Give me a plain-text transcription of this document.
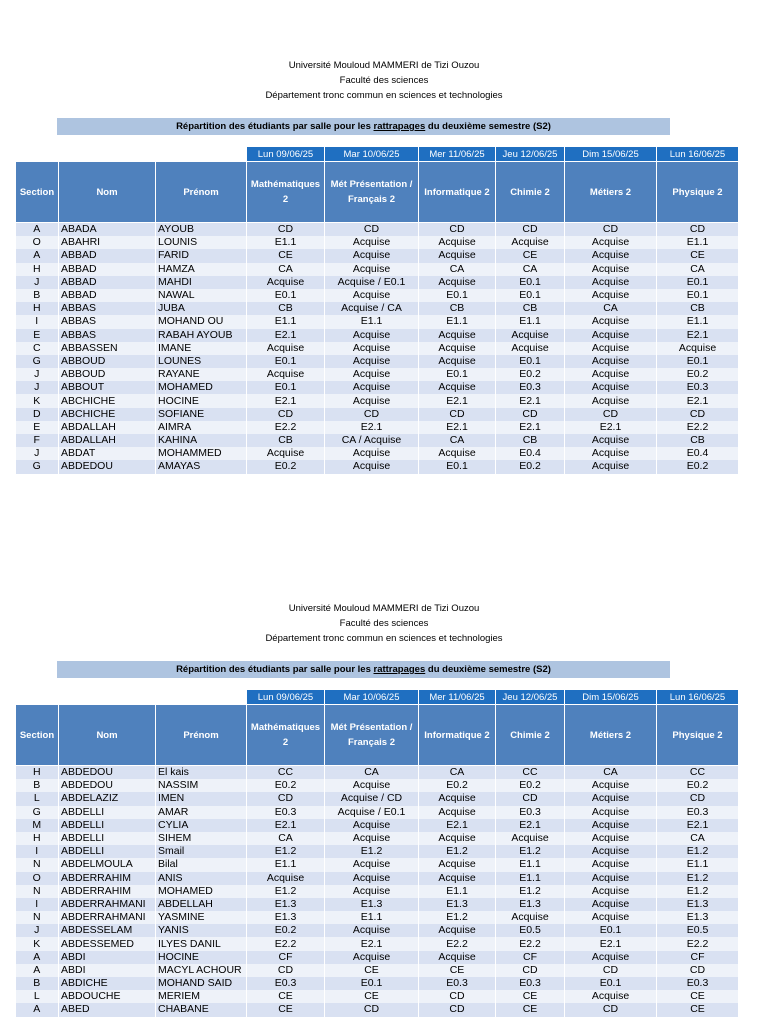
Université Mouloud MAMMERI de Tizi Ouzou
Faculté des sciences
Département tronc commun en sciences et technologies
Répartition des étudiants par salle pour les rattrapages du deuxième semestre (S2)
			Lun 09/06/25	Mar 10/06/25	Mer 11/06/25	Jeu 12/06/25	Dim 15/06/25	Lun 16/06/25
Section	Nom	Prénom	Mathématiques 2	Mét Présentation / Français 2	Informatique 2	Chimie 2	Métiers 2	Physique 2
A	ABADA	AYOUB	CD	CD	CD	CD	CD	CD
O	ABAHRI	LOUNIS	E1.1	Acquise	Acquise	Acquise	Acquise	E1.1
A	ABBAD	FARID	CE	Acquise	Acquise	CE	Acquise	CE
H	ABBAD	HAMZA	CA	Acquise	CA	CA	Acquise	CA
J	ABBAD	MAHDI	Acquise	Acquise / E0.1	Acquise	E0.1	Acquise	E0.1
B	ABBAD	NAWAL	E0.1	Acquise	E0.1	E0.1	Acquise	E0.1
H	ABBAS	JUBA	CB	Acquise / CA	CB	CB	CA	CB
I	ABBAS	MOHAND OU	E1.1	E1.1	E1.1	E1.1	Acquise	E1.1
E	ABBAS	RABAH AYOUB	E2.1	Acquise	Acquise	Acquise	Acquise	E2.1
C	ABBASSEN	IMANE	Acquise	Acquise	Acquise	Acquise	Acquise	Acquise
G	ABBOUD	LOUNES	E0.1	Acquise	Acquise	E0.1	Acquise	E0.1
J	ABBOUD	RAYANE	Acquise	Acquise	E0.1	E0.2	Acquise	E0.2
J	ABBOUT	MOHAMED	E0.1	Acquise	Acquise	E0.3	Acquise	E0.3
K	ABCHICHE	HOCINE	E2.1	Acquise	E2.1	E2.1	Acquise	E2.1
D	ABCHICHE	SOFIANE	CD	CD	CD	CD	CD	CD
E	ABDALLAH	AIMRA	E2.2	E2.1	E2.1	E2.1	E2.1	E2.2
F	ABDALLAH	KAHINA	CB	CA / Acquise	CA	CB	Acquise	CB
J	ABDAT	MOHAMMED	Acquise	Acquise	Acquise	E0.4	Acquise	E0.4
G	ABDEDOU	AMAYAS	E0.2	Acquise	E0.1	E0.2	Acquise	E0.2
Université Mouloud MAMMERI de Tizi Ouzou
Faculté des sciences
Département tronc commun en sciences et technologies
Répartition des étudiants par salle pour les rattrapages du deuxième semestre (S2)
			Lun 09/06/25	Mar 10/06/25	Mer 11/06/25	Jeu 12/06/25	Dim 15/06/25	Lun 16/06/25
Section	Nom	Prénom	Mathématiques 2	Mét Présentation / Français 2	Informatique 2	Chimie 2	Métiers 2	Physique 2
H	ABDEDOU	El kais	CC	CA	CA	CC	CA	CC
B	ABDEDOU	NASSIM	E0.2	Acquise	E0.2	E0.2	Acquise	E0.2
L	ABDELAZIZ	IMEN	CD	Acquise / CD	Acquise	CD	Acquise	CD
G	ABDELLI	AMAR	E0.3	Acquise / E0.1	Acquise	E0.3	Acquise	E0.3
M	ABDELLI	CYLIA	E2.1	Acquise	E2.1	E2.1	Acquise	E2.1
H	ABDELLI	SIHEM	CA	Acquise	Acquise	Acquise	Acquise	CA
I	ABDELLI	Smail	E1.2	E1.2	E1.2	E1.2	Acquise	E1.2
N	ABDELMOULA	Bilal	E1.1	Acquise	Acquise	E1.1	Acquise	E1.1
O	ABDERRAHIM	ANIS	Acquise	Acquise	Acquise	E1.1	Acquise	E1.2
N	ABDERRAHIM	MOHAMED	E1.2	Acquise	E1.1	E1.2	Acquise	E1.2
I	ABDERRAHMANI	ABDELLAH	E1.3	E1.3	E1.3	E1.3	Acquise	E1.3
N	ABDERRAHMANI	YASMINE	E1.3	E1.1	E1.2	Acquise	Acquise	E1.3
J	ABDESSELAM	YANIS	E0.2	Acquise	Acquise	E0.5	E0.1	E0.5
K	ABDESSEMED	ILYES DANIL	E2.2	E2.1	E2.2	E2.2	E2.1	E2.2
A	ABDI	HOCINE	CF	Acquise	Acquise	CF	Acquise	CF
A	ABDI	MACYL ACHOUR	CD	CE	CE	CD	CD	CD
B	ABDICHE	MOHAND SAID	E0.3	E0.1	E0.3	E0.3	E0.1	E0.3
L	ABDOUCHE	MERIEM	CE	CE	CD	CE	Acquise	CE
A	ABED	CHABANE	CE	CD	CD	CE	CD	CE
